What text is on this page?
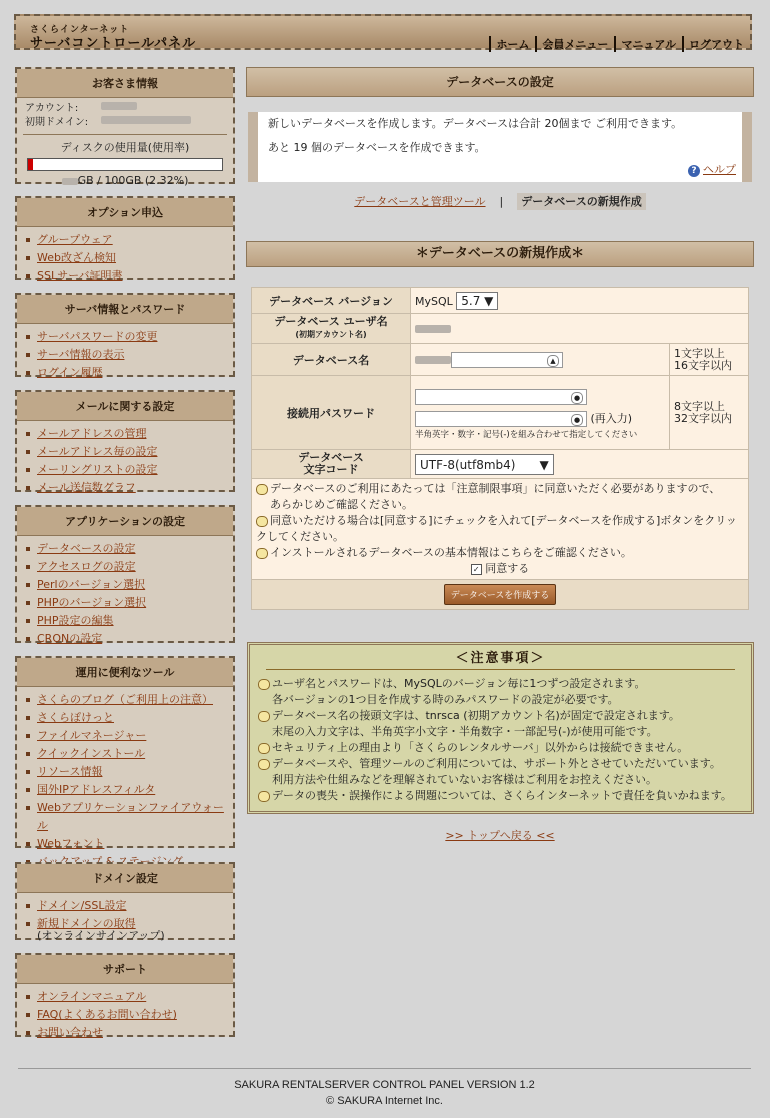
さくらインターネット
サーバコントロールパネル	ホーム	会員メニュー	マニュアル	ログアウト
お客さま情報
アカウント:
初期ドメイン:
ディスクの使用量(使用率)
GB / 100GB (2.32%)
オプション申込
グループウェア
Web改ざん検知
SSLサーバ証明書
サーバ情報とパスワード
サーバパスワードの変更
サーバ情報の表示
ログイン履歴
メールに関する設定
メールアドレスの管理
メールアドレス毎の設定
メーリングリストの設定
メール送信数グラフ
アプリケーションの設定
データベースの設定
アクセスログの設定
Perlのバージョン選択
PHPのバージョン選択
PHP設定の編集
CRONの設定
運用に便利なツール
さくらのブログ（ご利用上の注意）
さくらぽけっと
ファイルマネージャー
クイックインストール
リソース情報
国外IPアドレスフィルタ
Webアプリケーションファイアウォール
Webフォント
ドメイン設定
ドメイン/SSL設定
新規ドメインの取得
(オンラインサインアップ)
サポート
オンラインマニュアル
FAQ(よくあるお問い合わせ)
お問い合わせ
データベースの設定
新しいデータベースを作成します。データベースは合計 20個まで ご利用できます。
あと 19 個のデータベースを作成できます。
? ヘルプ
データベースと管理ツール | データベースの新規作成
＊データベースの新規作成＊
データベース バージョン	MySQL 5.7 ▼	
データベース ユーザ名
(初期アカウント名)		
データベース名	▲	1文字以上
16文字以内
接続用パスワード	●

● (再入力)

半角英字・数字・記号(-)を組み合わせて指定してください	8文字以上
32文字以内
データベース
文字コード	UTF-8(utf8mb4)　　▼	

データベースのご利用にあたっては「注意制限事項」に同意いただく必要がありますので、
あらかじめご確認ください。
同意いただける場合は[同意する]にチェックを入れて[データベースを作成する]ボタンをクリックしてください。
インストールされるデータベースの基本情報はこちらをご確認ください。
✓ 同意する		

データベースを作成する		
＜注意事項＞
ユーザ名とパスワードは、MySQLのバージョン毎に1つずつ設定されます。
各バージョンの1つ目を作成する時のみパスワードの設定が必要です。
データベース名の接頭文字は、tnrsca (初期アカウント名)が固定で設定されます。
末尾の入力文字は、半角英字小文字・半角数字・一部記号(-)が使用可能です。
セキュリティ上の理由より「さくらのレンタルサーバ」以外からは接続できません。
データベースや、管理ツールのご利用については、サポート外とさせていただいています。
利用方法や仕組みなどを理解されていないお客様はご利用をお控えください。
データの喪失・誤操作による問題については、さくらインターネットで責任を負いかねます。
>> トップへ戻る <<
SAKURA RENTALSERVER CONTROL PANEL VERSION 1.2
© SAKURA Internet Inc.
